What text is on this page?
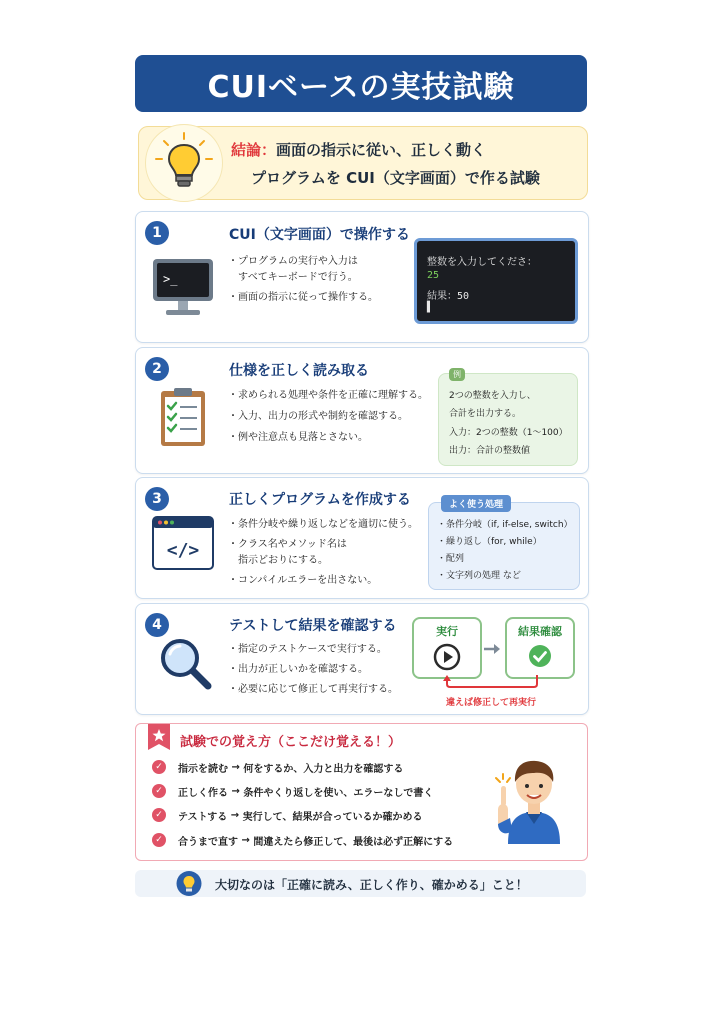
CUIベースの実技試験
結論：画面の指示に従い、正しく動く
プログラムを CUI（文字画面）で作る試験
1	CUI（文字画面）で操作する
>_
・ プログラムの実行や入力は
すべてキーボードで行う。
・ 画面の指示に従って操作する。
整数を入力してくださ：
25
結果：50
▌
2	仕様を正しく読み取る
・ 求められる処理や条件を正確に理解する。
・ 入力、出力の形式や制約を確認する。
・ 例や注意点も見落とさない。
例
2つの整数を入力し、
合計を出力する。
入力：2つの整数（1〜100）
出力：合計の整数値
3	正しくプログラムを作成する
</>
・ 条件分岐や繰り返しなどを適切に使う。
・ クラス名やメソッド名は
指示どおりにする。
・ コンパイルエラーを出さない。
よく使う処理
・条件分岐（if, if-else, switch）
・繰り返し（for, while）
・配列
・文字列の処理 など
4	テストして結果を確認する
・ 指定のテストケースで実行する。
・ 出力が正しいかを確認する。
・ 必要に応じて修正して再実行する。
実行	結果確認
違えば修正して再実行
試験での覚え方（ここだけ覚える！）
✓	指示を読む
→
何をするか、入力と出力を確認する
✓	正しく作る
→
条件やくり返しを使い、エラーなしで書く
✓	テストする
→
実行して、結果が合っているか確かめる
✓	合うまで直す
→
間違えたら修正して、最後は必ず正解にする
大切なのは「正確に読み、正しく作り、確かめる」こと！
